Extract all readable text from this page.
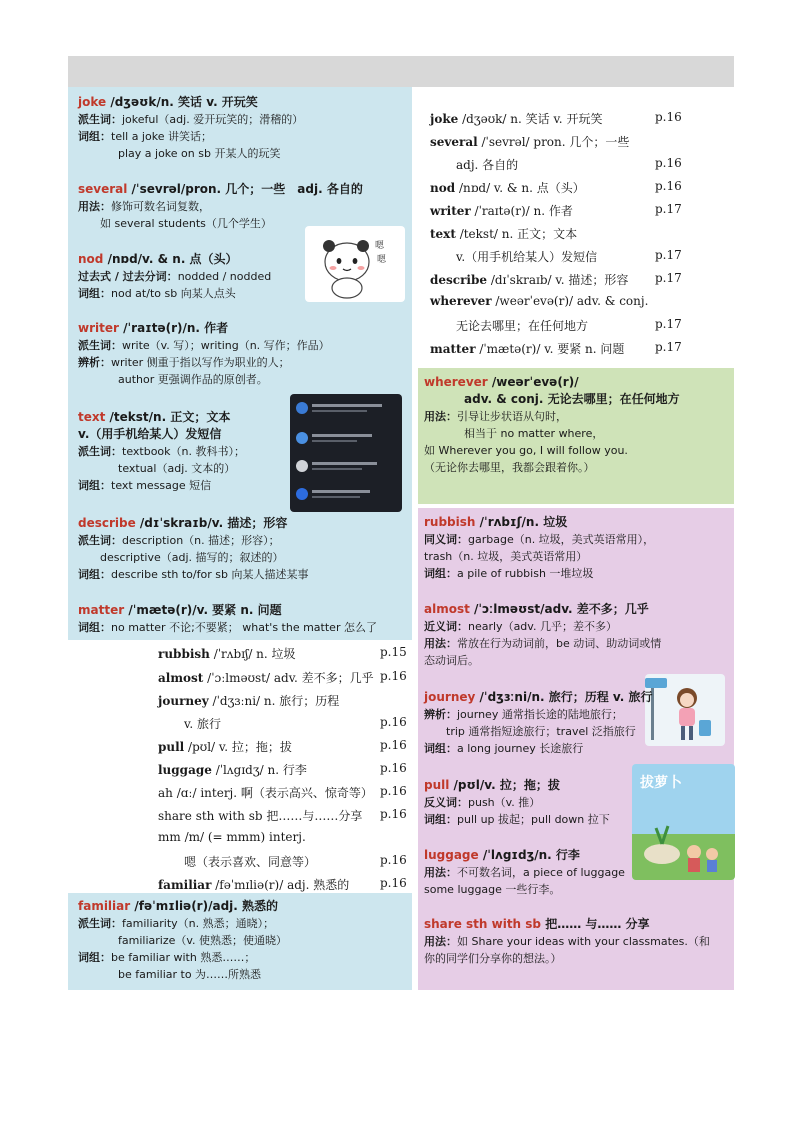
joke /dʒəʊk/n. 笑话 v. 开玩笑
派生词：jokeful（adj. 爱开玩笑的；滑稽的）
词组：tell a joke 讲笑话；
play a joke on sb 开某人的玩笑
several /ˈsevrəl/pron. 几个；一些　adj. 各自的
用法：修饰可数名词复数，
如 several students（几个学生）
nod /nɒd/v. & n. 点（头）
过去式 / 过去分词：nodded / nodded
词组：nod at/to sb 向某人点头
嗯
嗯
writer /ˈraɪtə(r)/n. 作者
派生词：write（v. 写）；writing（n. 写作；作品）
辨析：writer 侧重于指以写作为职业的人；
author 更强调作品的原创者。
text /tekst/n. 正文；文本
v.（用手机给某人）发短信
派生词：textbook（n. 教科书）；
textual（adj. 文本的）
词组：text message 短信
describe /dɪˈskraɪb/v. 描述；形容
派生词：description（n. 描述；形容）；
descriptive（adj. 描写的；叙述的）
词组：describe sth to/for sb 向某人描述某事
matter /ˈmætə(r)/v. 要紧 n. 问题
词组：no matter 不论;不要紧； what's the matter 怎么了
rubbish /ˈrʌbɪʃ/ n. 垃圾	p.15
almost /ˈɔːlməʊst/ adv. 差不多；几乎 p.16
journey /ˈdʒɜːni/ n. 旅行；历程
v. 旅行	p.16
pull /pʊl/ v. 拉；拖；拔	p.16
luggage /ˈlʌgɪdʒ/ n. 行李	p.16
ah /ɑː/ interj. 啊（表示高兴、惊奇等） p.16
share sth with sb 把……与……分享 p.16
mm /m/ (= mmm) interj.
嗯（表示喜欢、同意等）	p.16
familiar /fəˈmɪliə(r)/ adj. 熟悉的	p.16
familiar /fəˈmɪliə(r)/adj. 熟悉的
派生词：familiarity（n. 熟悉；通晓）；
familiarize（v. 使熟悉；使通晓）
词组：be familiar with 熟悉……；
be familiar to 为……所熟悉
joke /dʒəʊk/ n. 笑话 v. 开玩笑	p.16
several /ˈsevrəl/ pron. 几个；一些
adj. 各自的	p.16
nod /nɒd/ v. & n. 点（头）	p.16
writer /ˈraɪtə(r)/ n. 作者	p.17
text /tekst/ n. 正文；文本
v.（用手机给某人）发短信	p.17
describe /dɪˈskraɪb/ v. 描述；形容 p.17
wherever /weərˈevə(r)/ adv. & conj.
无论去哪里；在任何地方	p.17
matter /ˈmætə(r)/ v. 要紧 n. 问题	p.17
wherever /weərˈevə(r)/
adv. & conj. 无论去哪里；在任何地方
用法：引导让步状语从句时，
相当于 no matter where，
如 Wherever you go, I will follow you.
（无论你去哪里，我都会跟着你。）
rubbish /ˈrʌbɪʃ/n. 垃圾
同义词：garbage（n. 垃圾，美式英语常用），
trash（n. 垃圾，美式英语常用）
词组：a pile of rubbish 一堆垃圾
almost /ˈɔːlməʊst/adv. 差不多；几乎
近义词：nearly（adv. 几乎；差不多）
用法：常放在行为动词前，be 动词、助动词或情
态动词后。
journey /ˈdʒɜːni/n. 旅行；历程 v. 旅行
辨析：journey 通常指长途的陆地旅行；
trip 通常指短途旅行；travel 泛指旅行
词组：a long journey 长途旅行
拔萝卜
pull /pʊl/v. 拉；拖；拔
反义词：push（v. 推）
词组：pull up 拔起；pull down 拉下
luggage /ˈlʌgɪdʒ/n. 行李
用法：不可数名词，a piece of luggage
some luggage 一些行李。
share sth with sb 把…… 与…… 分享
用法：如 Share your ideas with your classmates.（和
你的同学们分享你的想法。）
